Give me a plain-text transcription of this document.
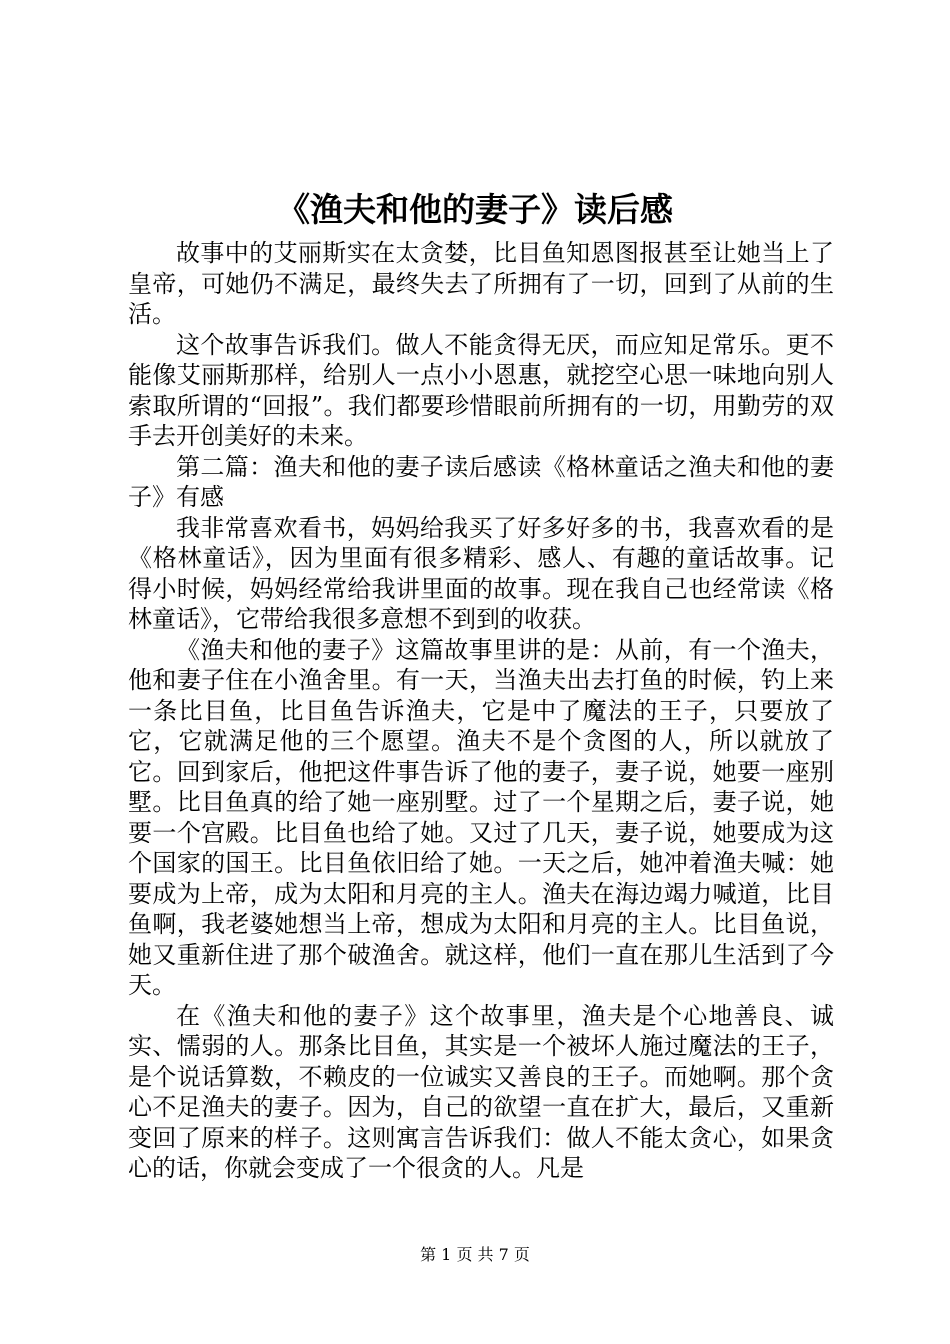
《渔夫和他的妻子》读后感

故事中的艾丽斯实在太贪婪，比目鱼知恩图报甚至让她当上了皇帝，可她仍不满足，最终失去了所拥有了一切，回到了从前的生活。

这个故事告诉我们。做人不能贪得无厌，而应知足常乐。更不能像艾丽斯那样，给别人一点小小恩惠，就挖空心思一味地向别人索取所谓的“回报”。我们都要珍惜眼前所拥有的一切，用勤劳的双手去开创美好的未来。

第二篇：渔夫和他的妻子读后感读《格林童话之渔夫和他的妻子》有感

我非常喜欢看书，妈妈给我买了好多好多的书，我喜欢看的是《格林童话》，因为里面有很多精彩、感人、有趣的童话故事。记得小时候，妈妈经常给我讲里面的故事。现在我自己也经常读《格林童话》，它带给我很多意想不到到的收获。

《渔夫和他的妻子》这篇故事里讲的是：从前，有一个渔夫，他和妻子住在小渔舍里。有一天，当渔夫出去打鱼的时候，钓上来一条比目鱼，比目鱼告诉渔夫，它是中了魔法的王子，只要放了它，它就满足他的三个愿望。渔夫不是个贪图的人，所以就放了它。回到家后，他把这件事告诉了他的妻子，妻子说，她要一座别墅。比目鱼真的给了她一座别墅。过了一个星期之后，妻子说，她要一个宫殿。比目鱼也给了她。又过了几天，妻子说，她要成为这个国家的国王。比目鱼依旧给了她。一天之后，她冲着渔夫喊：她要成为上帝，成为太阳和月亮的主人。渔夫在海边竭力喊道，比目鱼啊，我老婆她想当上帝，想成为太阳和月亮的主人。比目鱼说，她又重新住进了那个破渔舍。就这样，他们一直在那儿生活到了今天。

在《渔夫和他的妻子》这个故事里，渔夫是个心地善良、诚实、懦弱的人。那条比目鱼，其实是一个被坏人施过魔法的王子，是个说话算数，不赖皮的一位诚实又善良的王子。而她啊。那个贪心不足渔夫的妻子。因为，自己的欲望一直在扩大，最后，又重新变回了原来的样子。这则寓言告诉我们：做人不能太贪心，如果贪心的话，你就会变成了一个很贪的人。凡是

第 1 页 共 7 页
